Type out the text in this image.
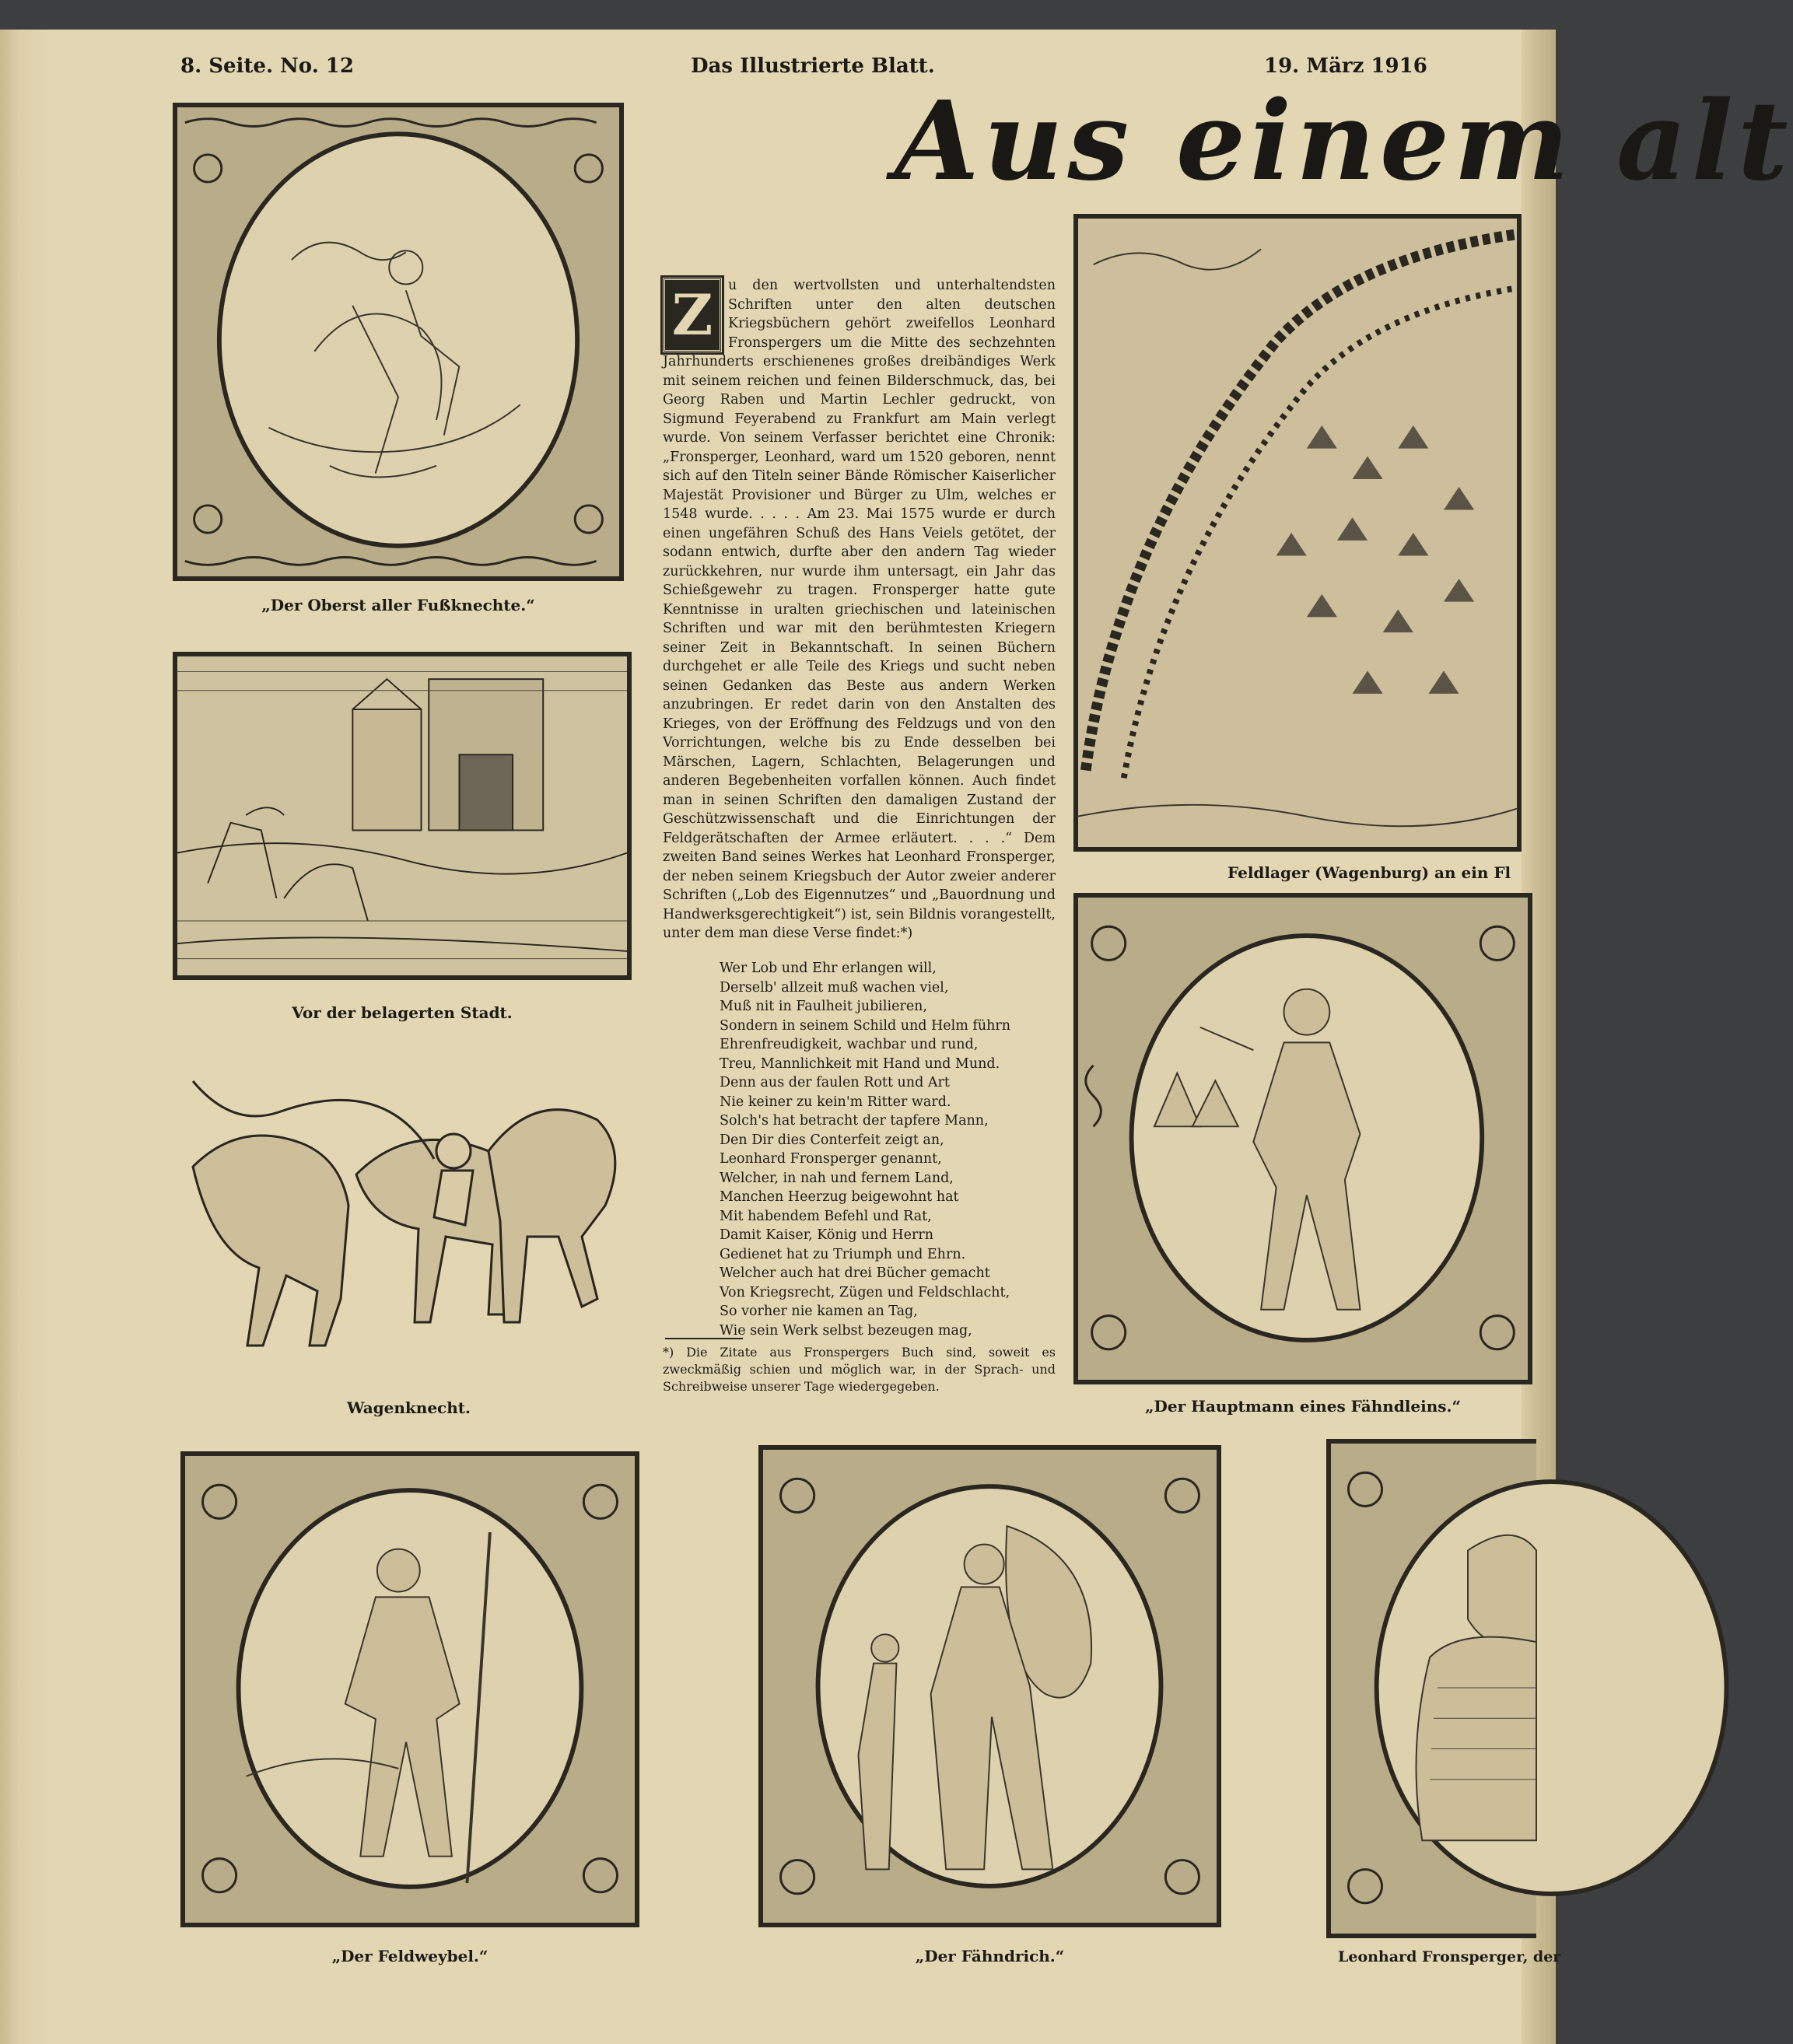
8. Seite. No. 12	Das Illustrierte Blatt.	19. März 1916
Aus einem alt
„Der Oberst aller Fußknechte.“
Vor der belagerten Stadt.
Wagenknecht.
Z	u den wertvollsten und unterhaltendsten Schriften unter den alten deutschen Kriegsbüchern gehört zweifellos Leonhard Fronspergers um die Mitte des sechzehnten Jahrhunderts erschienenes großes dreibändiges Werk mit seinem reichen und feinen Bilderschmuck, das, bei Georg Raben und Martin Lechler gedruckt, von Sigmund Feyerabend zu Frankfurt am Main verlegt wurde. Von seinem Verfasser berichtet eine Chronik: „Fronsperger, Leonhard, ward um 1520 geboren, nennt sich auf den Titeln seiner Bände Römischer Kaiserlicher Majestät Provisioner und Bürger zu Ulm, welches er 1548 wurde. . . . . Am 23. Mai 1575 wurde er durch einen ungefähren Schuß des Hans Veiels getötet, der sodann entwich, durfte aber den andern Tag wieder zurückkehren, nur wurde ihm untersagt, ein Jahr das Schießgewehr zu tragen. Fronsperger hatte gute Kenntnisse in uralten griechischen und lateinischen Schriften und war mit den berühmtesten Kriegern seiner Zeit in Bekanntschaft. In seinen Büchern durchgehet er alle Teile des Kriegs und sucht neben seinen Gedanken das Beste aus andern Werken anzubringen. Er redet darin von den Anstalten des Krieges, von der Eröffnung des Feldzugs und von den Vorrichtungen, welche bis zu Ende desselben bei Märschen, Lagern, Schlachten, Belagerungen und anderen Begebenheiten vorfallen können. Auch findet man in seinen Schriften den damaligen Zustand der Geschützwissenschaft und die Einrichtungen der Feldgerätschaften der Armee erläutert. . . .“ Dem zweiten Band seines Werkes hat Leonhard Fronsperger, der neben seinem Kriegsbuch der Autor zweier anderer Schriften („Lob des Eigennutzes“ und „Bauordnung und Handwerksgerechtigkeit“) ist, sein Bildnis vorangestellt, unter dem man diese Verse findet:*)
Wer Lob und Ehr erlangen will,
Derselb' allzeit muß wachen viel,
Muß nit in Faulheit jubilieren,
Sondern in seinem Schild und Helm führn
Ehrenfreudigkeit, wachbar und rund,
Treu, Mannlichkeit mit Hand und Mund.
Denn aus der faulen Rott und Art
Nie keiner zu kein'm Ritter ward.
Solch's hat betracht der tapfere Mann,
Den Dir dies Conterfeit zeigt an,
Leonhard Fronsperger genannt,
Welcher, in nah und fernem Land,
Manchen Heerzug beigewohnt hat
Mit habendem Befehl und Rat,
Damit Kaiser, König und Herrn
Gedienet hat zu Triumph und Ehrn.
Welcher auch hat drei Bücher gemacht
Von Kriegsrecht, Zügen und Feldschlacht,
So vorher nie kamen an Tag,
Wie sein Werk selbst bezeugen mag,
*) Die Zitate aus Fronspergers Buch sind, soweit es zweckmäßig schien und möglich war, in der Sprach- und Schreibweise unserer Tage wiedergegeben.
Feldlager (Wagenburg) an ein Fl
„Der Hauptmann eines Fähndleins.“
„Der Feldweybel.“	„Der Fähndrich.“	Leonhard Fronsperger, der
